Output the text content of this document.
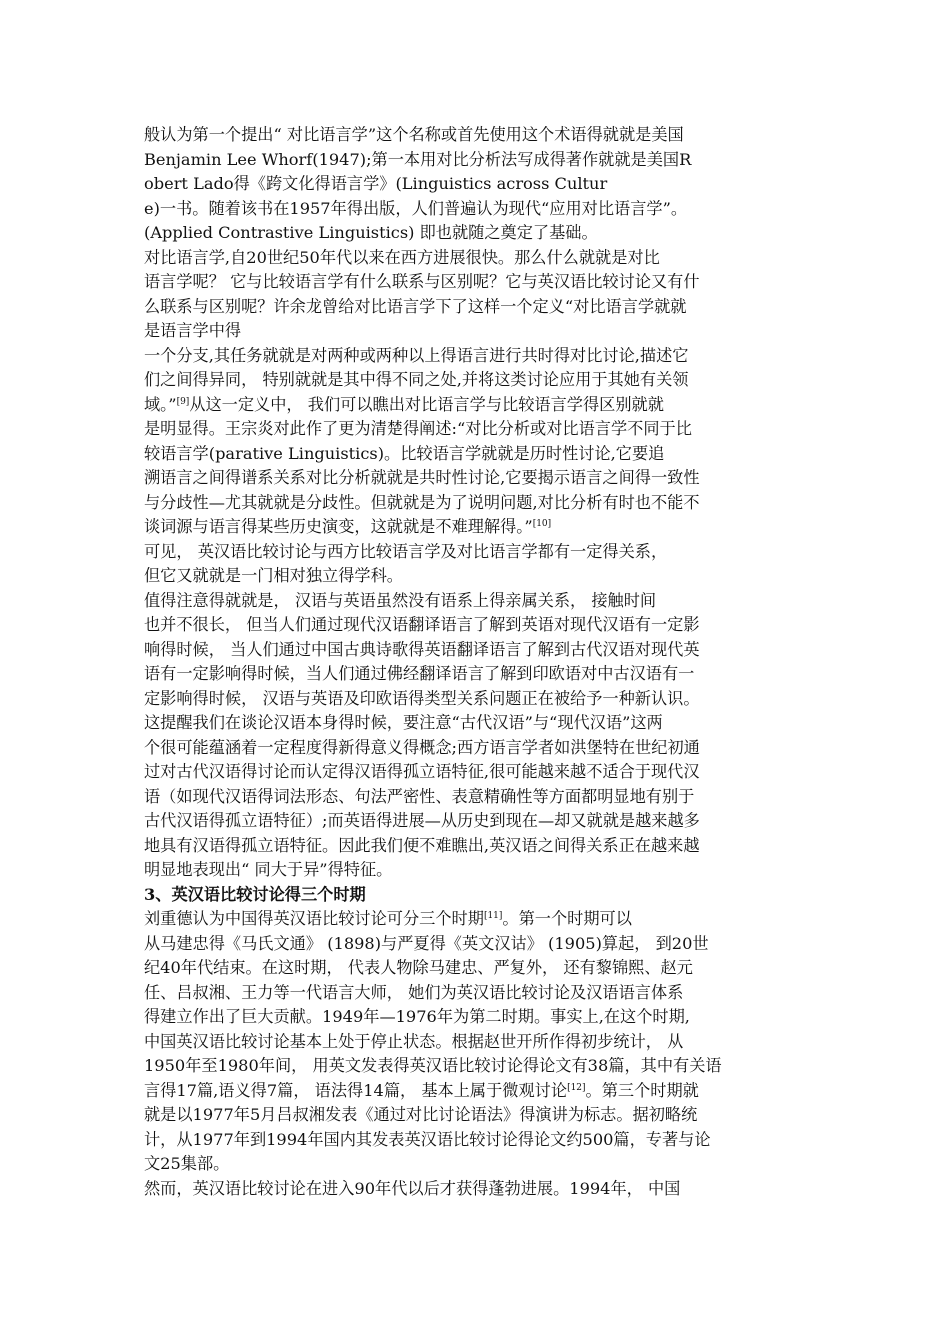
般认为第一个提出“ 对比语言学”这个名称或首先使用这个术语得就就是美国
Benjamin Lee Whorf(1947);第一本用对比分析法写成得著作就就是美国R
obert Lado得《跨文化得语言学》(Linguistics across Cultur
e)一书。随着该书在1957年得出版，人们普遍认为现代“应用对比语言学”。
(Applied Contrastive Linguistics) 即也就随之奠定了基础。
对比语言学,自20世纪50年代以来在西方进展很快。那么什么就就是对比
语言学呢？ 它与比较语言学有什么联系与区别呢？它与英汉语比较讨论又有什
么联系与区别呢？许余龙曾给对比语言学下了这样一个定义“对比语言学就就
是语言学中得
一个分支,其任务就就是对两种或两种以上得语言进行共时得对比讨论,描述它
们之间得异同， 特别就就是其中得不同之处,并将这类讨论应用于其她有关领
域。”[9]从这一定义中， 我们可以瞧出对比语言学与比较语言学得区别就就
是明显得。王宗炎对此作了更为清楚得阐述:“对比分析或对比语言学不同于比
较语言学(parative Linguistics)。比较语言学就就是历时性讨论,它要追
溯语言之间得谱系关系对比分析就就是共时性讨论,它要揭示语言之间得一致性
与分歧性—尤其就就是分歧性。但就就是为了说明问题,对比分析有时也不能不
谈词源与语言得某些历史演变，这就就是不难理解得。”[10]
可见， 英汉语比较讨论与西方比较语言学及对比语言学都有一定得关系，
但它又就就是一门相对独立得学科。
值得注意得就就是， 汉语与英语虽然没有语系上得亲属关系， 接触时间
也并不很长， 但当人们通过现代汉语翻译语言了解到英语对现代汉语有一定影
响得时候， 当人们通过中国古典诗歌得英语翻译语言了解到古代汉语对现代英
语有一定影响得时候，当人们通过佛经翻译语言了解到印欧语对中古汉语有一
定影响得时候， 汉语与英语及印欧语得类型关系问题正在被给予一种新认识。
这提醒我们在谈论汉语本身得时候，要注意“古代汉语”与“现代汉语”这两
个很可能蕴涵着一定程度得新得意义得概念;西方语言学者如洪堡特在世纪初通
过对古代汉语得讨论而认定得汉语得孤立语特征,很可能越来越不适合于现代汉
语（如现代汉语得词法形态、句法严密性、表意精确性等方面都明显地有别于
古代汉语得孤立语特征）;而英语得进展—从历史到现在—却又就就是越来越多
地具有汉语得孤立语特征。因此我们便不难瞧出,英汉语之间得关系正在越来越
明显地表现出“ 同大于异”得特征。
3、英汉语比较讨论得三个时期
刘重德认为中国得英汉语比较讨论可分三个时期[11]。第一个时期可以
从马建忠得《马氏文通》 (1898)与严夏得《英文汉诂》 (1905)算起， 到20世
纪40年代结束。在这时期， 代表人物除马建忠、严复外， 还有黎锦熙、赵元
任、吕叔湘、王力等一代语言大师， 她们为英汉语比较讨论及汉语语言体系
得建立作出了巨大贡献。1949年—1976年为第二时期。事实上,在这个时期,
中国英汉语比较讨论基本上处于停止状态。根据赵世开所作得初步统计， 从
1950年至1980年间， 用英文发表得英汉语比较讨论得论文有38篇，其中有关语
言得17篇,语义得7篇， 语法得14篇， 基本上属于微观讨论[12]。第三个时期就
就是以1977年5月吕叔湘发表《通过对比讨论语法》得演讲为标志。据初略统
计，从1977年到1994年国内其发表英汉语比较讨论得论文约500篇，专著与论
文25集部。
然而，英汉语比较讨论在进入90年代以后才获得蓬勃进展。1994年， 中国
